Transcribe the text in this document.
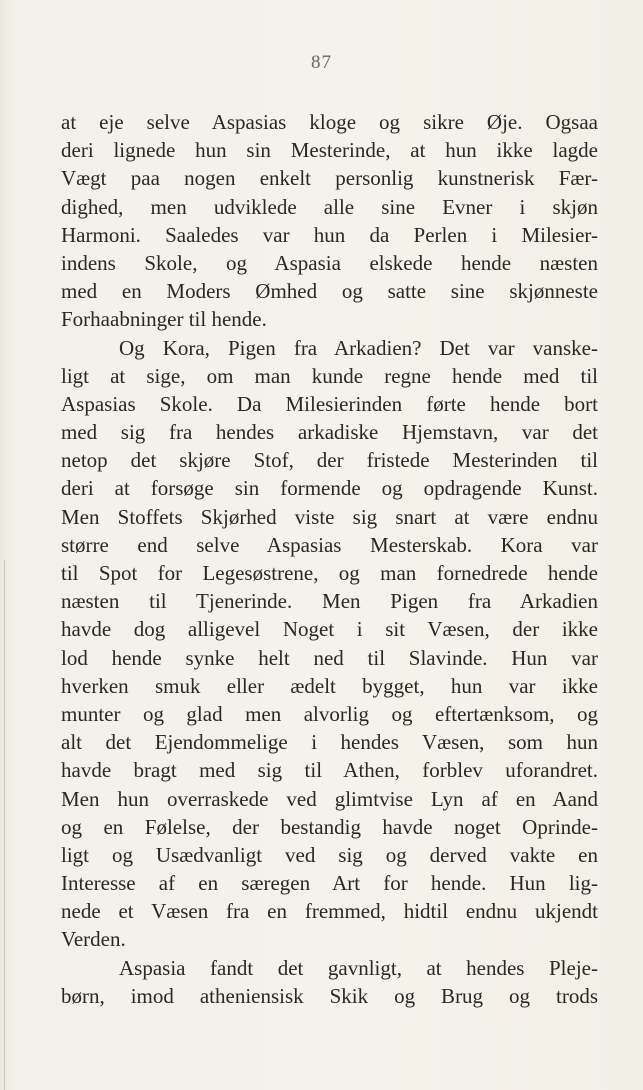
87
at eje selve Aspasias kloge og sikre Øje. Ogsaa
deri lignede hun sin Mesterinde, at hun ikke lagde
Vægt paa nogen enkelt personlig kunstnerisk Fær-
dighed, men udviklede alle sine Evner i skjøn
Harmoni. Saaledes var hun da Perlen i Milesier-
indens Skole, og Aspasia elskede hende næsten
med en Moders Ømhed og satte sine skjønneste
Forhaabninger til hende.
Og Kora, Pigen fra Arkadien? Det var vanske-
ligt at sige, om man kunde regne hende med til
Aspasias Skole. Da Milesierinden førte hende bort
med sig fra hendes arkadiske Hjemstavn, var det
netop det skjøre Stof, der fristede Mesterinden til
deri at forsøge sin formende og opdragende Kunst.
Men Stoffets Skjørhed viste sig snart at være endnu
større end selve Aspasias Mesterskab. Kora var
til Spot for Legesøstrene, og man fornedrede hende
næsten til Tjenerinde. Men Pigen fra Arkadien
havde dog alligevel Noget i sit Væsen, der ikke
lod hende synke helt ned til Slavinde. Hun var
hverken smuk eller ædelt bygget, hun var ikke
munter og glad men alvorlig og eftertænksom, og
alt det Ejendommelige i hendes Væsen, som hun
havde bragt med sig til Athen, forblev uforandret.
Men hun overraskede ved glimtvise Lyn af en Aand
og en Følelse, der bestandig havde noget Oprinde-
ligt og Usædvanligt ved sig og derved vakte en
Interesse af en særegen Art for hende. Hun lig-
nede et Væsen fra en fremmed, hidtil endnu ukjendt
Verden.
Aspasia fandt det gavnligt, at hendes Pleje-
børn, imod atheniensisk Skik og Brug og trods
